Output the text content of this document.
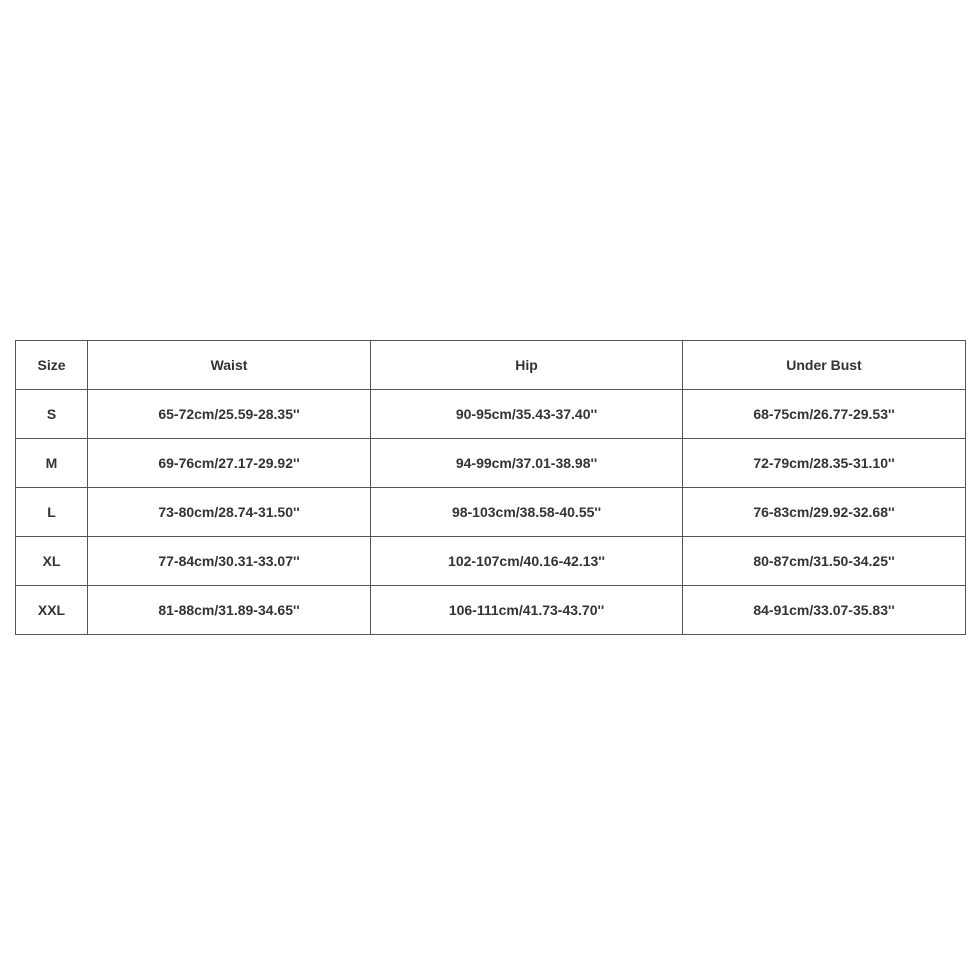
Size	Waist	Hip	Under Bust
S	65-72cm/25.59-28.35''	90-95cm/35.43-37.40''	68-75cm/26.77-29.53''
M	69-76cm/27.17-29.92''	94-99cm/37.01-38.98''	72-79cm/28.35-31.10''
L	73-80cm/28.74-31.50''	98-103cm/38.58-40.55''	76-83cm/29.92-32.68''
XL	77-84cm/30.31-33.07''	102-107cm/40.16-42.13''	80-87cm/31.50-34.25''
XXL	81-88cm/31.89-34.65''	106-111cm/41.73-43.70''	84-91cm/33.07-35.83''
